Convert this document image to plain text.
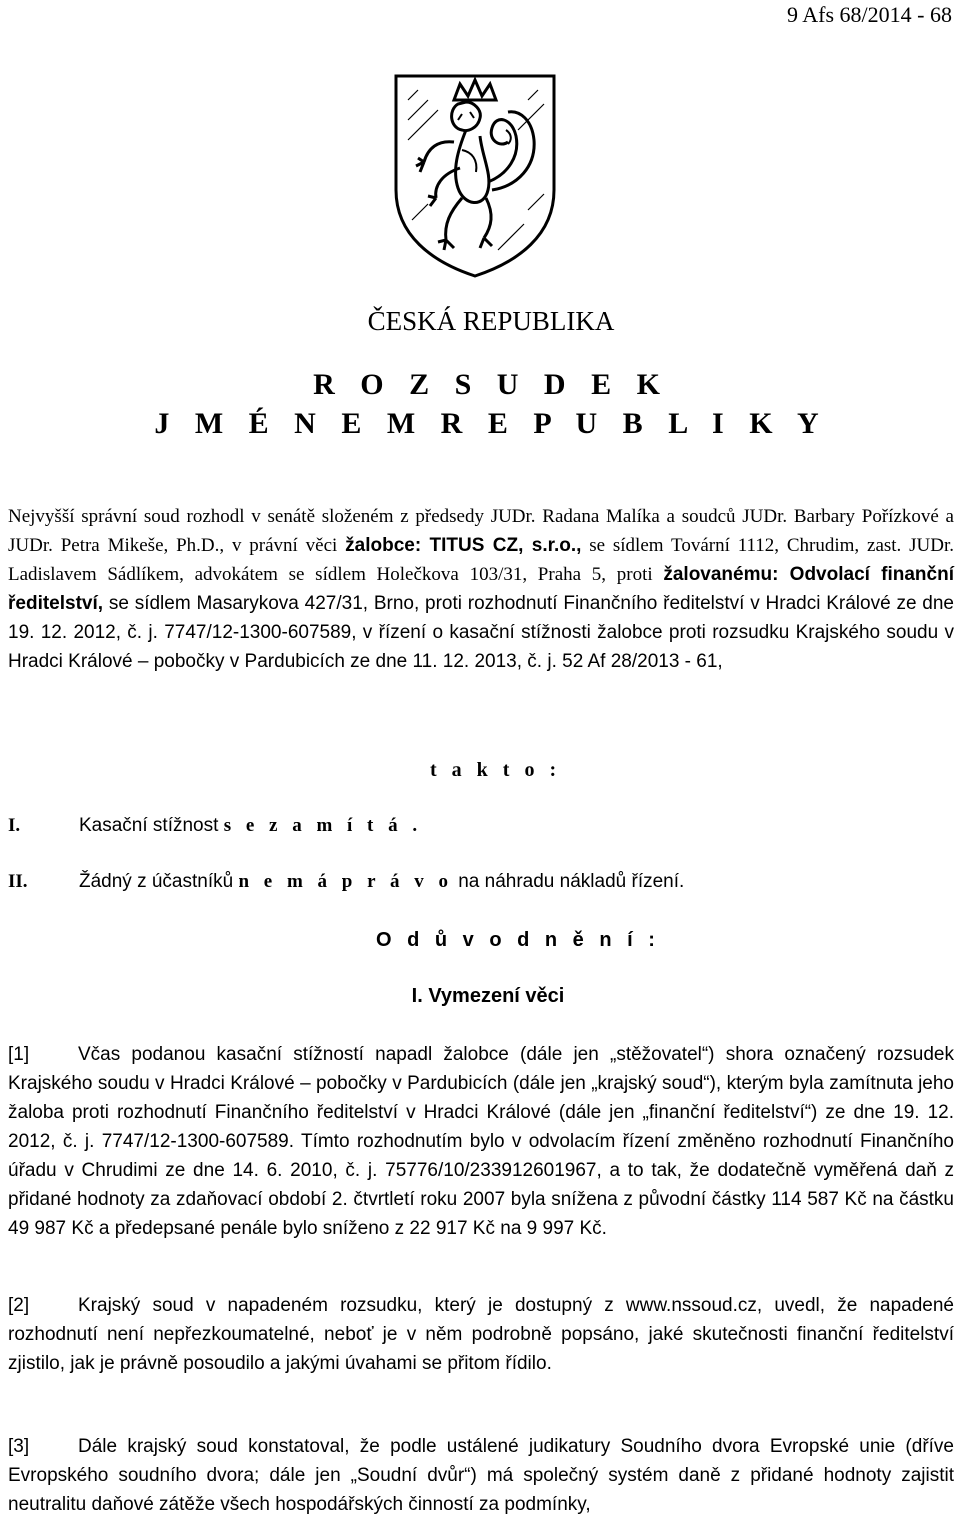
9 Afs 68/2014 - 68
ČESKÁ REPUBLIKA
R O Z S U D E K
J M É N E M R E P U B L I K Y

Nejvyšší správní soud rozhodl v senátě složeném z předsedy JUDr. Radana Malíka a soudců JUDr. Barbary Pořízkové a JUDr. Petra Mikeše, Ph.D., v právní věci žalobce: TITUS CZ, s.r.o., se sídlem Tovární 1112, Chrudim, zast. JUDr. Ladislavem Sádlíkem, advokátem se sídlem Holečkova 103/31, Praha 5, proti žalovanému: Odvolací finanční ředitelství, se sídlem Masarykova 427/31, Brno, proti rozhodnutí Finančního ředitelství v Hradci Králové ze dne 19. 12. 2012, č. j. 7747/12-1300-607589, v řízení o kasační stížnosti žalobce proti rozsudku Krajského soudu v Hradci Králové – pobočky v Pardubicích ze dne 11. 12. 2013, č. j. 52 Af 28/2013 - 61,

t a k t o :
I.	Kasační stížnost s e z a m í t á .
II.	Žádný z účastníků n e m á p r á v o na náhradu nákladů řízení.
O d ů v o d n ě n í :
I. Vymezení věci

[1]	Včas podanou kasační stížností napadl žalobce (dále jen „stěžovatel“) shora označený rozsudek Krajského soudu v Hradci Králové – pobočky v Pardubicích (dále jen „krajský soud“), kterým byla zamítnuta jeho žaloba proti rozhodnutí Finančního ředitelství v Hradci Králové (dále jen „finanční ředitelství“) ze dne 19. 12. 2012, č. j. 7747/12-1300-607589. Tímto rozhodnutím bylo v odvolacím řízení změněno rozhodnutí Finančního úřadu v Chrudimi ze dne 14. 6. 2010, č. j. 75776/10/233912601967, a to tak, že dodatečně vyměřená daň z přidané hodnoty za zdaňovací období 2. čtvrtletí roku 2007 byla snížena z původní částky 114 587 Kč na částku 49 987 Kč a předepsané penále bylo sníženo z 22 917 Kč na 9 997 Kč.

[2]	Krajský soud v napadeném rozsudku, který je dostupný z www.nssoud.cz, uvedl, že napadené rozhodnutí není nepřezkoumatelné, neboť je v něm podrobně popsáno, jaké skutečnosti finanční ředitelství zjistilo, jak je právně posoudilo a jakými úvahami se přitom řídilo.

[3]	Dále krajský soud konstatoval, že podle ustálené judikatury Soudního dvora Evropské unie (dříve Evropského soudního dvora; dále jen „Soudní dvůr“) má společný systém daně z přidané hodnoty zajistit neutralitu daňové zátěže všech hospodářských činností za podmínky,
